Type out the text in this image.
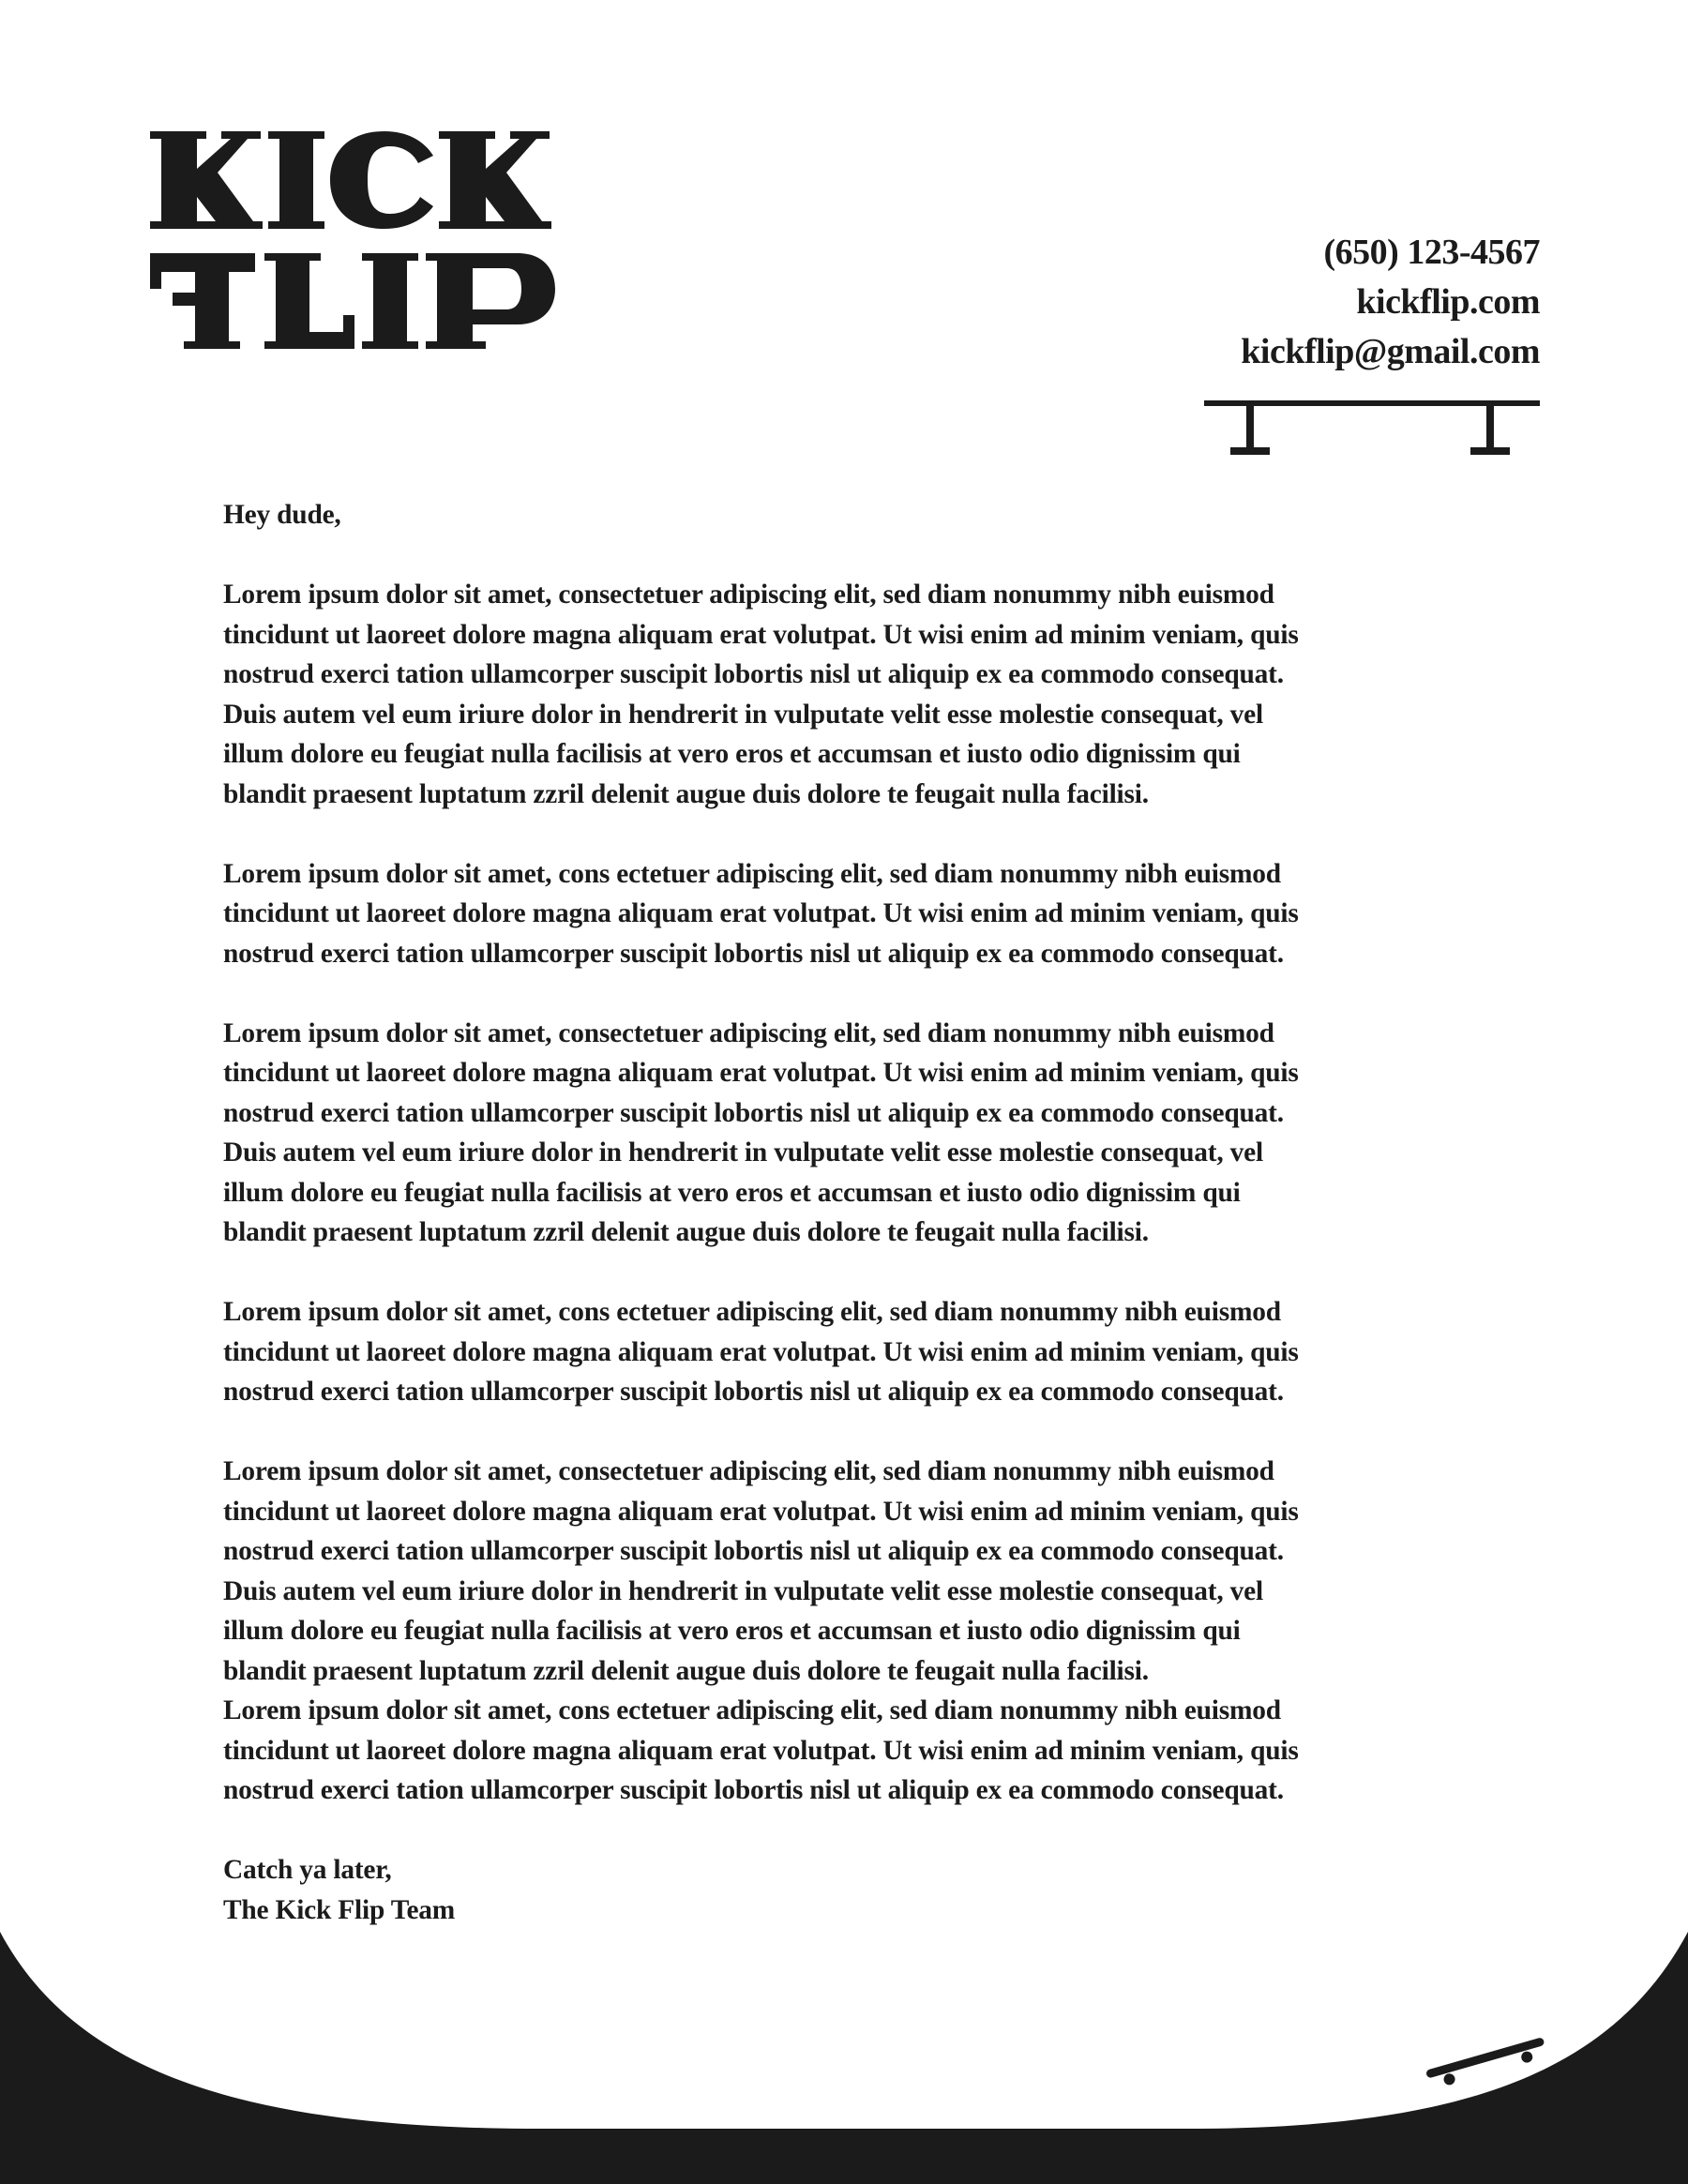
(650) 123-4567
kickflip.com
kickflip@gmail.com

Hey dude,

Lorem ipsum dolor sit amet, consectetuer adipiscing elit, sed diam nonummy nibh euismod

tincidunt ut laoreet dolore magna aliquam erat volutpat. Ut wisi enim ad minim veniam, quis

nostrud exerci tation ullamcorper suscipit lobortis nisl ut aliquip ex ea commodo consequat.

Duis autem vel eum iriure dolor in hendrerit in vulputate velit esse molestie consequat, vel

illum dolore eu feugiat nulla facilisis at vero eros et accumsan et iusto odio dignissim qui

blandit praesent luptatum zzril delenit augue duis dolore te feugait nulla facilisi.

Lorem ipsum dolor sit amet, cons ectetuer adipiscing elit, sed diam nonummy nibh euismod

tincidunt ut laoreet dolore magna aliquam erat volutpat. Ut wisi enim ad minim veniam, quis

nostrud exerci tation ullamcorper suscipit lobortis nisl ut aliquip ex ea commodo consequat.

Lorem ipsum dolor sit amet, consectetuer adipiscing elit, sed diam nonummy nibh euismod

tincidunt ut laoreet dolore magna aliquam erat volutpat. Ut wisi enim ad minim veniam, quis

nostrud exerci tation ullamcorper suscipit lobortis nisl ut aliquip ex ea commodo consequat.

Duis autem vel eum iriure dolor in hendrerit in vulputate velit esse molestie consequat, vel

illum dolore eu feugiat nulla facilisis at vero eros et accumsan et iusto odio dignissim qui

blandit praesent luptatum zzril delenit augue duis dolore te feugait nulla facilisi.

Lorem ipsum dolor sit amet, cons ectetuer adipiscing elit, sed diam nonummy nibh euismod

tincidunt ut laoreet dolore magna aliquam erat volutpat. Ut wisi enim ad minim veniam, quis

nostrud exerci tation ullamcorper suscipit lobortis nisl ut aliquip ex ea commodo consequat.

Lorem ipsum dolor sit amet, consectetuer adipiscing elit, sed diam nonummy nibh euismod

tincidunt ut laoreet dolore magna aliquam erat volutpat. Ut wisi enim ad minim veniam, quis

nostrud exerci tation ullamcorper suscipit lobortis nisl ut aliquip ex ea commodo consequat.

Duis autem vel eum iriure dolor in hendrerit in vulputate velit esse molestie consequat, vel

illum dolore eu feugiat nulla facilisis at vero eros et accumsan et iusto odio dignissim qui

blandit praesent luptatum zzril delenit augue duis dolore te feugait nulla facilisi.

Lorem ipsum dolor sit amet, cons ectetuer adipiscing elit, sed diam nonummy nibh euismod

tincidunt ut laoreet dolore magna aliquam erat volutpat. Ut wisi enim ad minim veniam, quis

nostrud exerci tation ullamcorper suscipit lobortis nisl ut aliquip ex ea commodo consequat.

Catch ya later,

The Kick Flip Team
